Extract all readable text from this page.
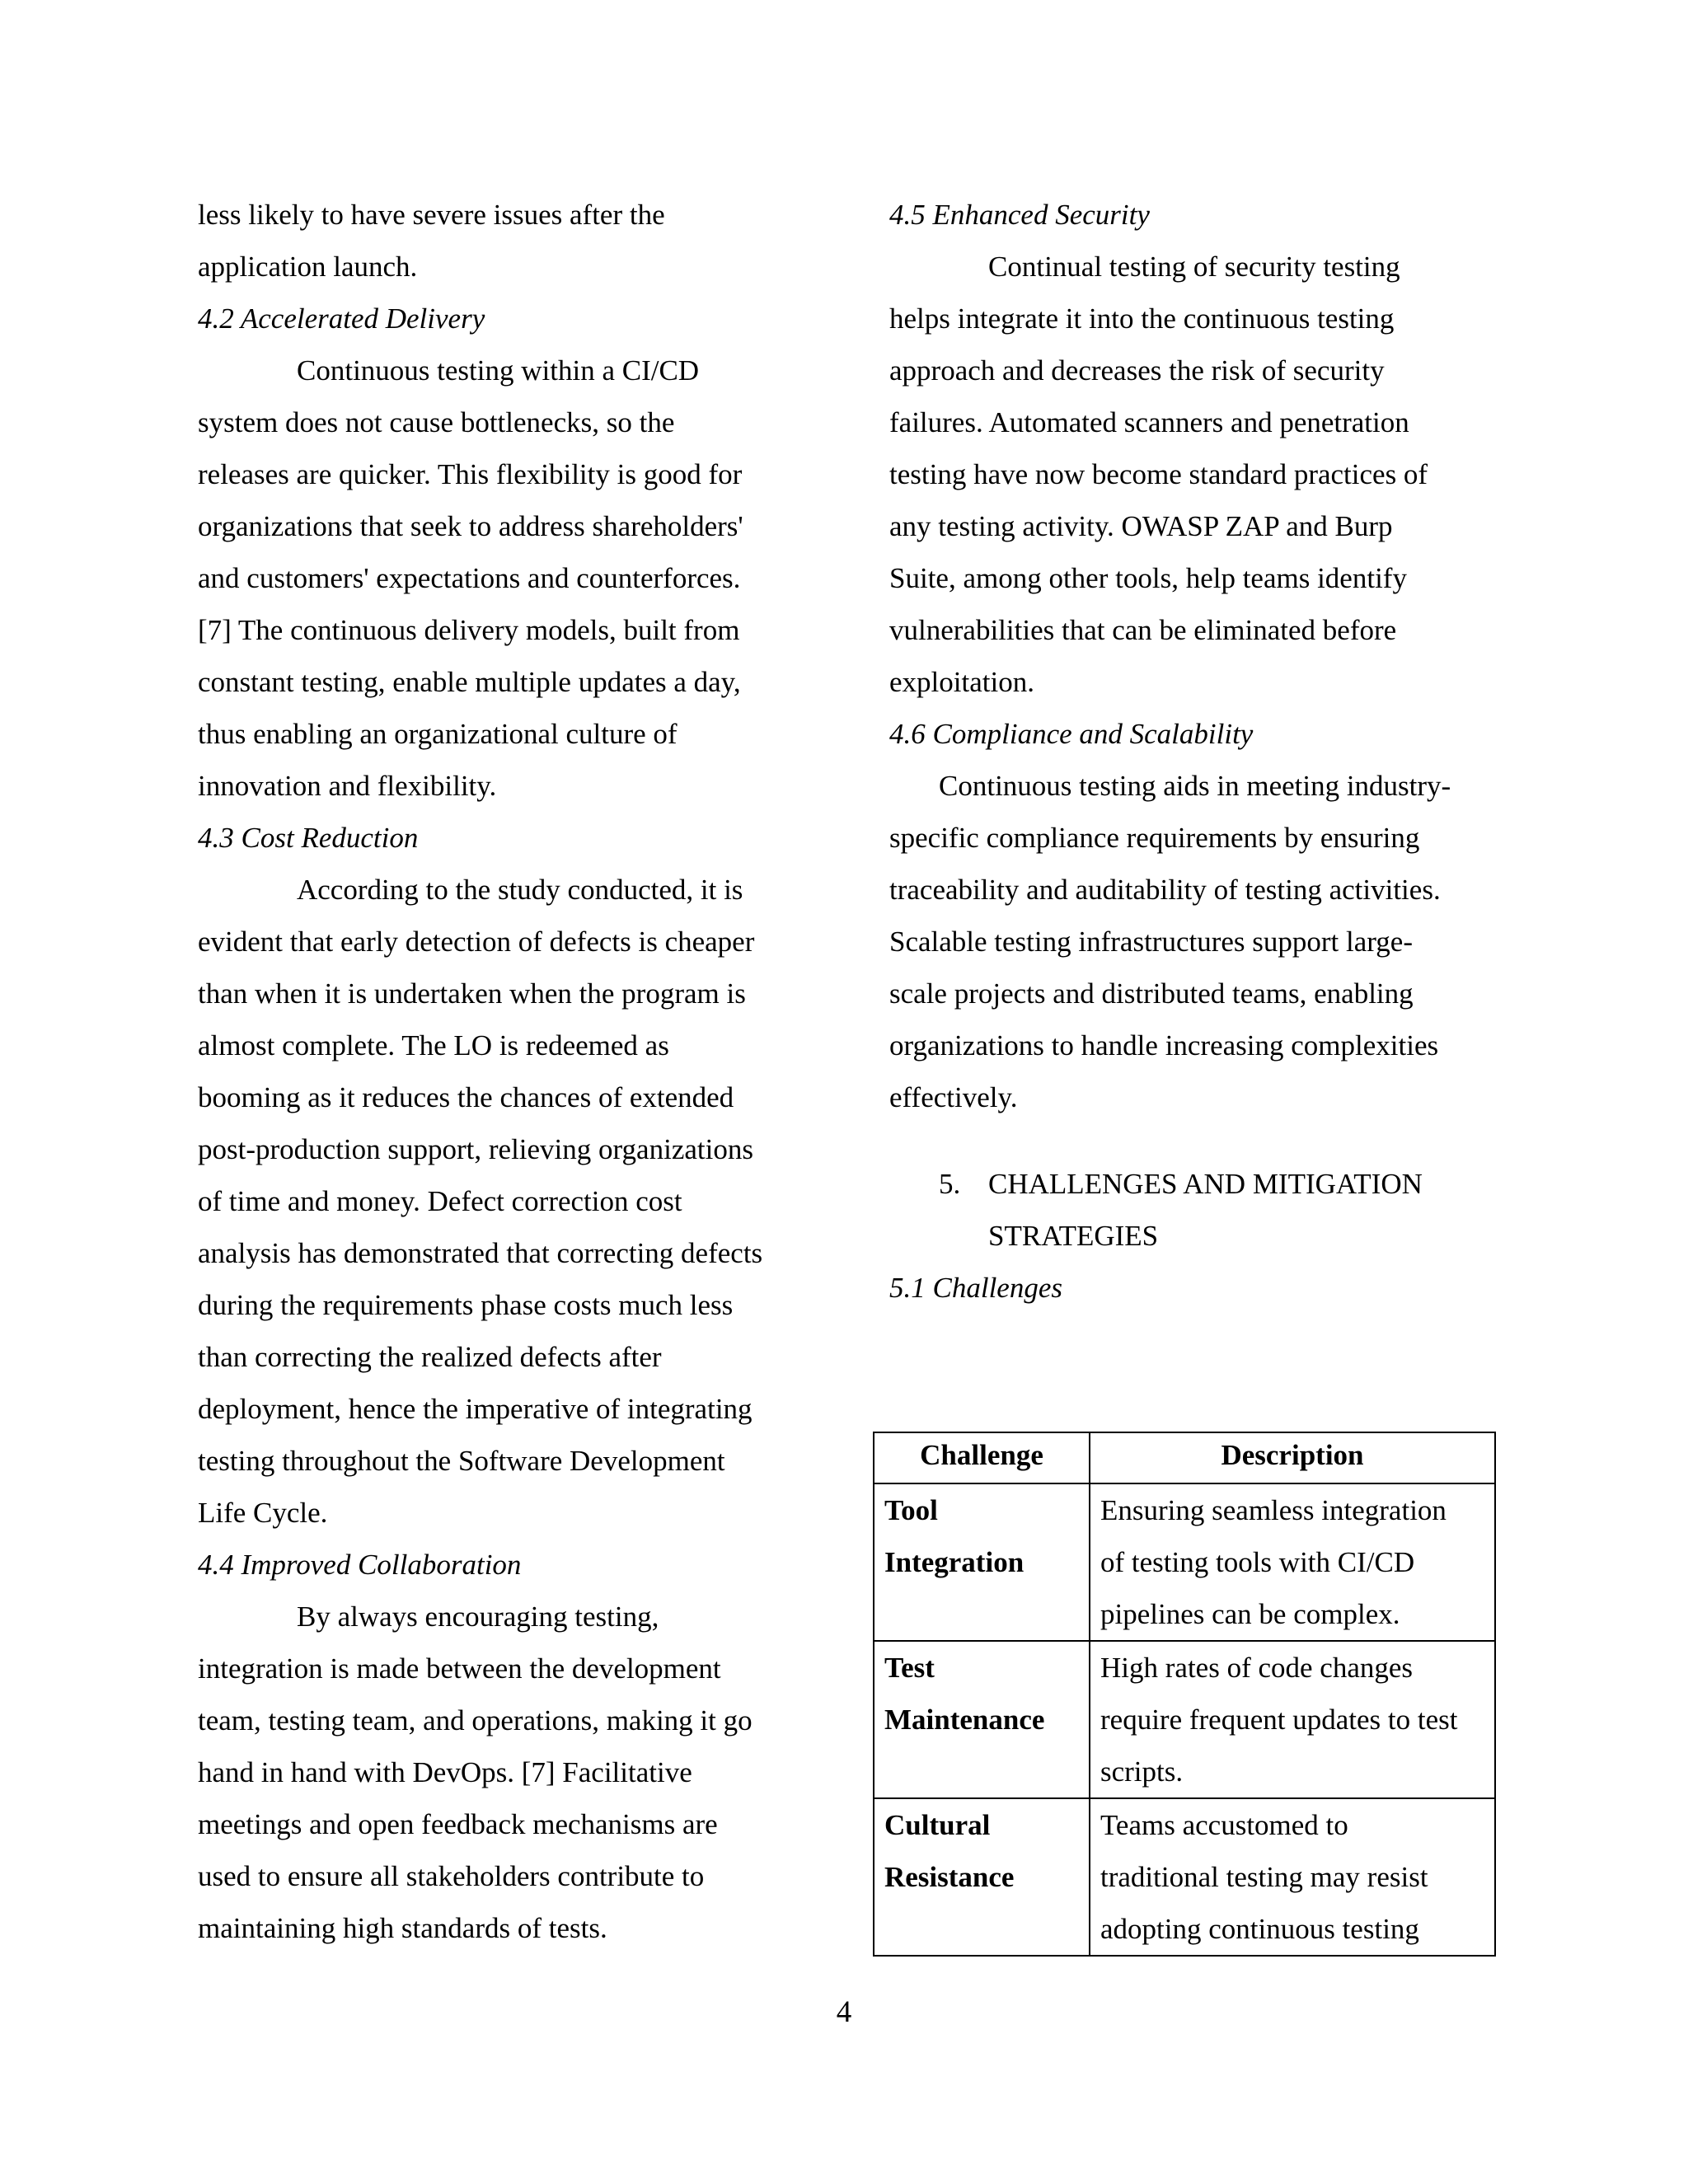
less likely to have severe issues after the
application launch.
4.2 Accelerated Delivery
Continuous testing within a CI/CD
system does not cause bottlenecks, so the
releases are quicker. This flexibility is good for
organizations that seek to address shareholders'
and customers' expectations and counterforces.
[7] The continuous delivery models, built from
constant testing, enable multiple updates a day,
thus enabling an organizational culture of
innovation and flexibility.
4.3 Cost Reduction
According to the study conducted, it is
evident that early detection of defects is cheaper
than when it is undertaken when the program is
almost complete. The LO is redeemed as
booming as it reduces the chances of extended
post-production support, relieving organizations
of time and money. Defect correction cost
analysis has demonstrated that correcting defects
during the requirements phase costs much less
than correcting the realized defects after
deployment, hence the imperative of integrating
testing throughout the Software Development
Life Cycle.
4.4 Improved Collaboration
By always encouraging testing,
integration is made between the development
team, testing team, and operations, making it go
hand in hand with DevOps. [7] Facilitative
meetings and open feedback mechanisms are
used to ensure all stakeholders contribute to
maintaining high standards of tests.
4.5 Enhanced Security
Continual testing of security testing
helps integrate it into the continuous testing
approach and decreases the risk of security
failures. Automated scanners and penetration
testing have now become standard practices of
any testing activity. OWASP ZAP and Burp
Suite, among other tools, help teams identify
vulnerabilities that can be eliminated before
exploitation.
4.6 Compliance and Scalability
Continuous testing aids in meeting industry-
specific compliance requirements by ensuring
traceability and auditability of testing activities.
Scalable testing infrastructures support large-
scale projects and distributed teams, enabling
organizations to handle increasing complexities
effectively.
5. CHALLENGES AND MITIGATION
STRATEGIES
5.1 Challenges
Challenge	Description

Tool
Integration	Ensuring seamless integration
of testing tools with CI/CD
pipelines can be complex.

Test
Maintenance	High rates of code changes
require frequent updates to test
scripts.

Cultural
Resistance	Teams accustomed to
traditional testing may resist
adopting continuous testing
4
